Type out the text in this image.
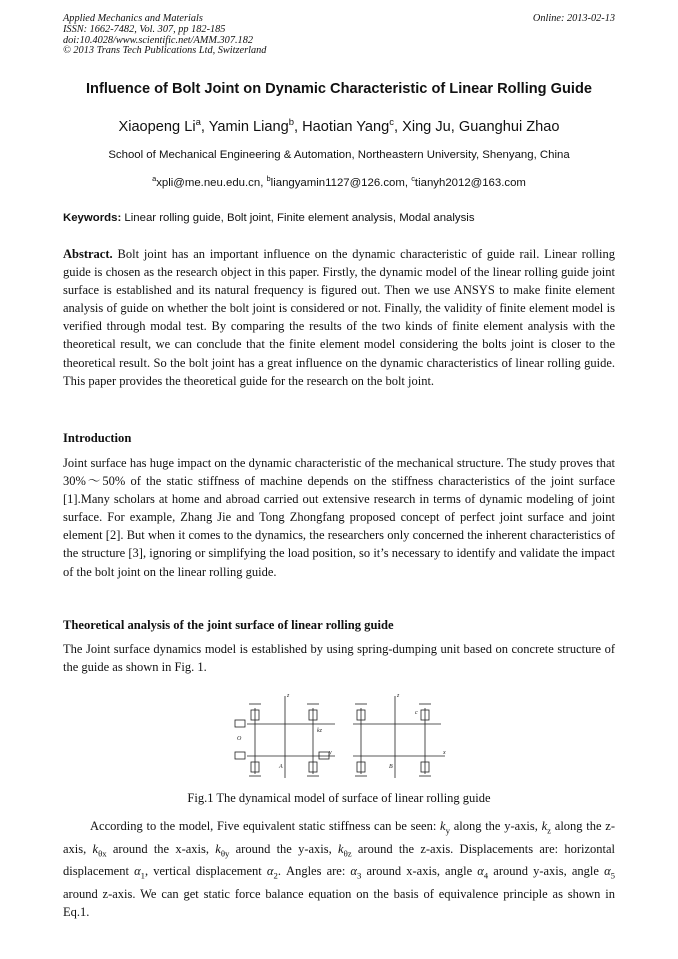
Applied Mechanics and Materials
ISSN: 1662-7482, Vol. 307, pp 182-185
doi:10.4028/www.scientific.net/AMM.307.182
© 2013 Trans Tech Publications Ltd, Switzerland
Online: 2013-02-13
Influence of Bolt Joint on Dynamic Characteristic of Linear Rolling Guide
Xiaopeng Li$^a$, Yamin Liang$^b$, Haotian Yang$^c$, Xing Ju, Guanghui Zhao
School of Mechanical Engineering & Automation, Northeastern University, Shenyang, China
$^a$xpli@me.neu.edu.cn, $^b$liangyamin1127@126.com, $^c$tianyh2012@163.com
Keywords: Linear rolling guide, Bolt joint, Finite element analysis, Modal analysis
Abstract. Bolt joint has an important influence on the dynamic characteristic of guide rail. Linear rolling guide is chosen as the research object in this paper. Firstly, the dynamic model of the linear rolling guide joint surface is established and its natural frequency is figured out. Then we use ANSYS to make finite element analysis of guide on whether the bolt joint is considered or not. Finally, the validity of finite element model is verified through modal test. By comparing the results of the two kinds of finite element analysis with the theoretical result, we can conclude that the finite element model considering the bolts joint is closer to the theoretical result. So the bolt joint has a great influence on the dynamic characteristics of linear rolling guide. This paper provides the theoretical guide for the research on the bolt joint.
Introduction
Joint surface has huge impact on the dynamic characteristic of the mechanical structure. The study proves that 30%～50% of the static stiffness of machine depends on the stiffness characteristics of the joint surface [1].Many scholars at home and abroad carried out extensive research in terms of dynamic modeling of joint surface. For example, Zhang Jie and Tong Zhongfang proposed concept of perfect joint surface and joint element [2]. But when it comes to the dynamics, the researchers only concerned the inherent characteristics of the structure [3], ignoring or simplifying the load position, so it’s necessary to identify and validate the impact of the bolt joint on the linear rolling guide.
Theoretical analysis of the joint surface of linear rolling guide
The Joint surface dynamics model is established by using spring-dumping unit based on concrete structure of the guide as shown in Fig. 1.
z
y
O
kz
A
z
x
c
B
Fig.1 The dynamical model of surface of linear rolling guide
According to the model, Five equivalent static stiffness can be seen: $k_y$ along the y-axis, $k_z$ along the z-axis, $k_{\theta x}$ around the x-axis, $k_{\theta y}$ around the y-axis, $k_{\theta z}$ around the z-axis. Displacements are: horizontal displacement $\alpha_1$, vertical displacement $\alpha_2$. Angles are: $\alpha_3$ around x-axis, angle $\alpha_4$ around y-axis, angle $\alpha_5$ around z-axis. We can get static force balance equation on the basis of equivalence principle as shown in Eq.1.
